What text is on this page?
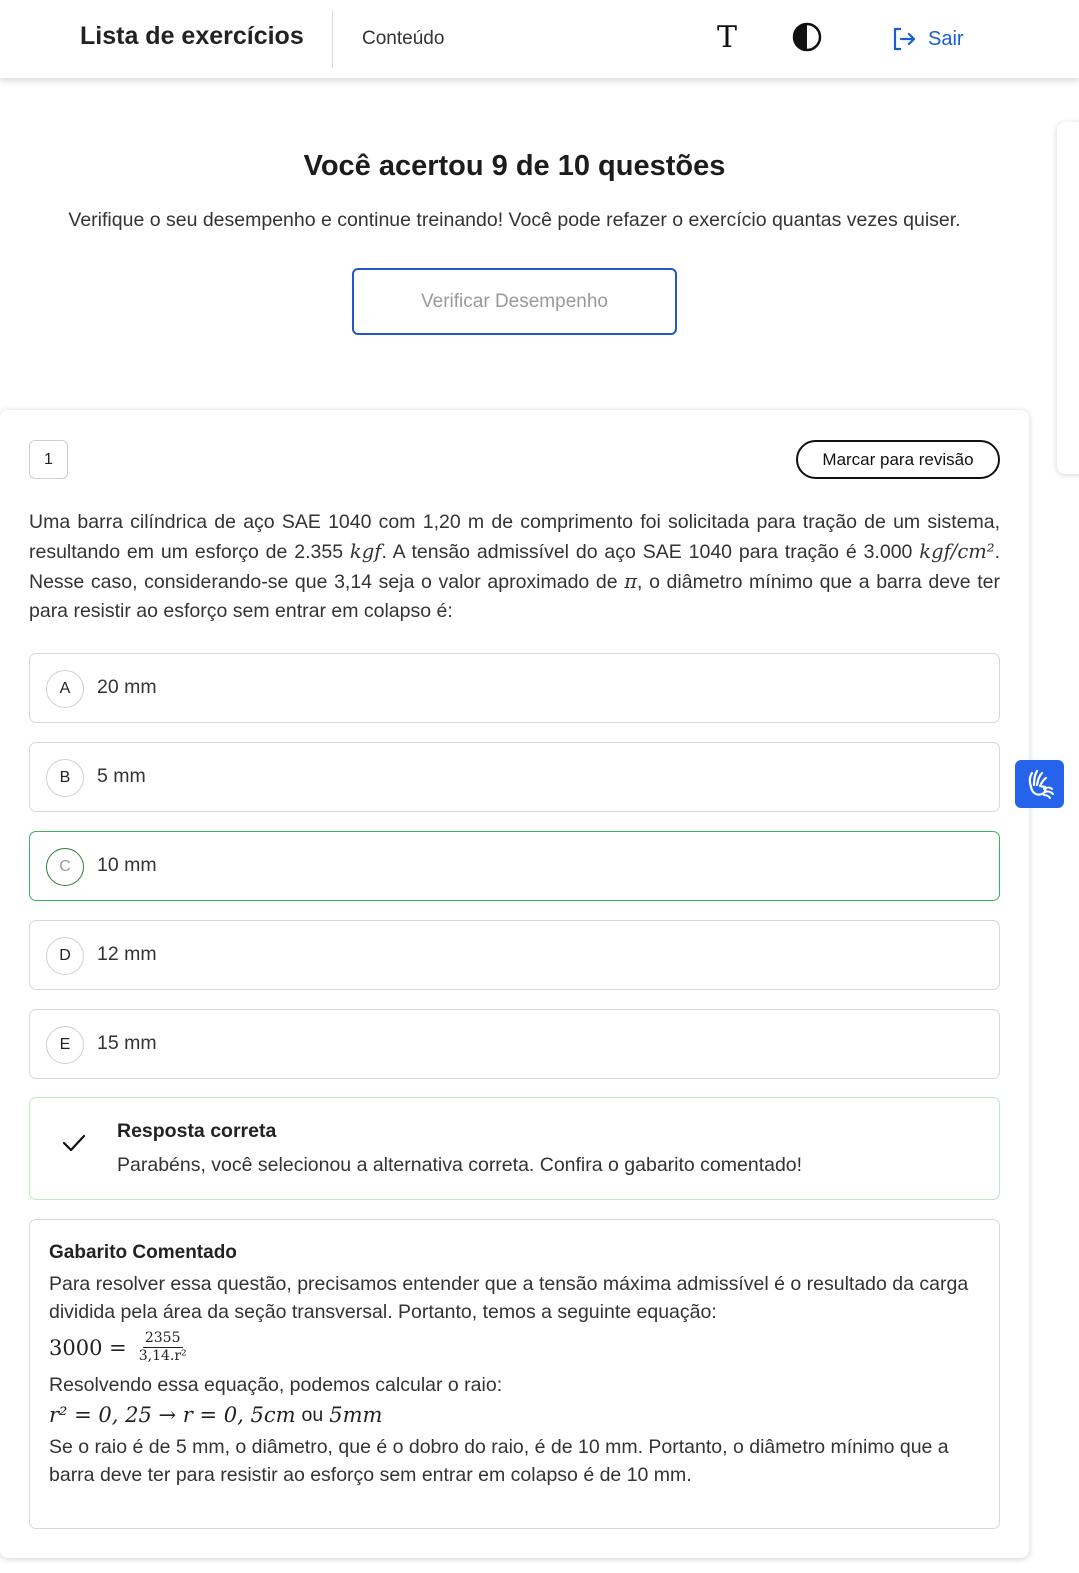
Lista de exercícios	Conteúdo	T	Sair
Você acertou 9 de 10 questões

Verifique o seu desempenho e continue treinando! Você pode refazer o exercício quantas vezes quiser.

Verificar Desempenho
1	Marcar para revisão
Uma barra cilíndrica de aço SAE 1040 com 1,20 m de comprimento foi solicitada para tração de um sistema, resultando em um esforço de 2.355 kgf. A tensão admissível do aço SAE 1040 para tração é 3.000 kgf/cm². Nesse caso, considerando-se que 3,14 seja o valor aproximado de π, o diâmetro mínimo que a barra deve ter para resistir ao esforço sem entrar em colapso é:
A	20 mm
B	5 mm
C	10 mm
D	12 mm
E	15 mm
Resposta correta
Parabéns, você selecionou a alternativa correta. Confira o gabarito comentado!
Gabarito Comentado
Para resolver essa questão, precisamos entender que a tensão máxima admissível é o resultado da carga dividida pela área da seção transversal. Portanto, temos a seguinte equação:
$3000 = \frac{2355}{\text{3,14.r²}}$
Resolvendo essa equação, podemos calcular o raio:
r² = 0, 25 → r = 0, 5cm ou 5mm
Se o raio é de 5 mm, o diâmetro, que é o dobro do raio, é de 10 mm. Portanto, o diâmetro mínimo que a barra deve ter para resistir ao esforço sem entrar em colapso é de 10 mm.
